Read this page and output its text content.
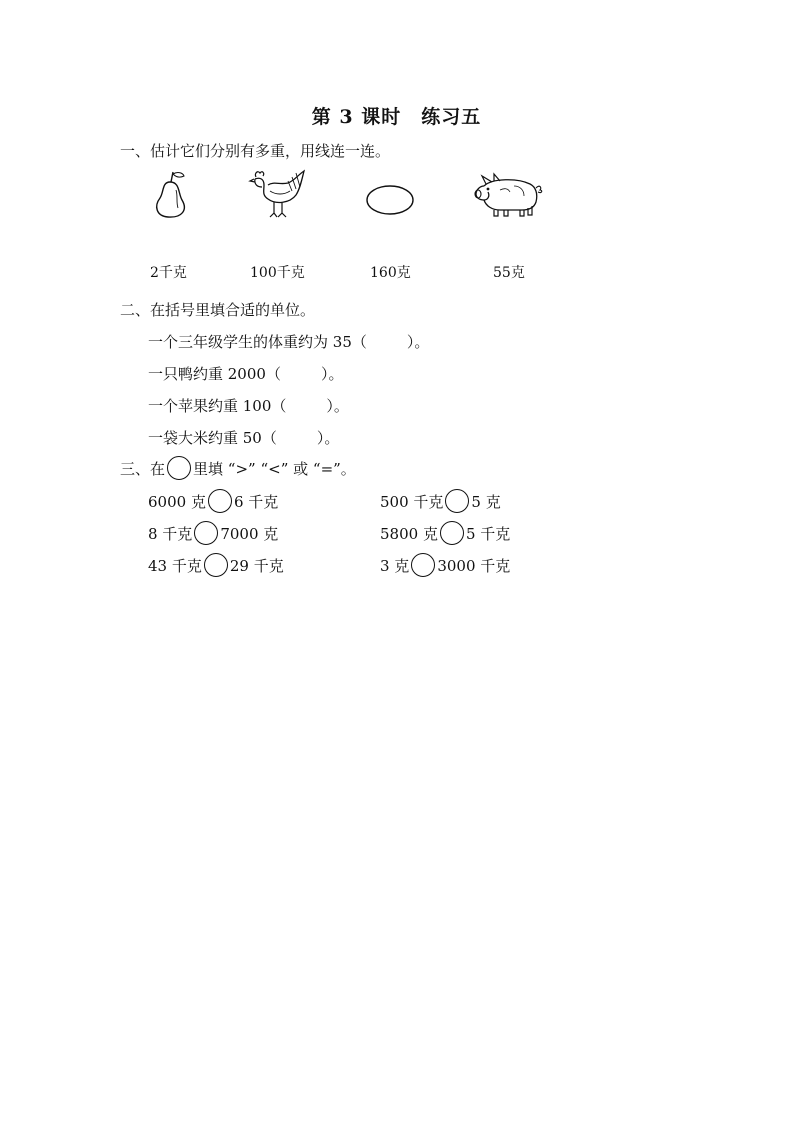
第 3 课时　练习五
一、估计它们分别有多重，用线连一连。
2千克	100千克	160克	55克
二、在括号里填合适的单位。
一个三年级学生的体重约为 35（	）。
一只鸭约重 2000（	）。
一个苹果约重 100（	）。
一袋大米约重 50（	）。
三、在 里填 “>” “<” 或 “=”。
6000 克 6 千克	500 千克 5 克
8 千克 7000 克	5800 克 5 千克
43 千克 29 千克	3 克 3000 千克
